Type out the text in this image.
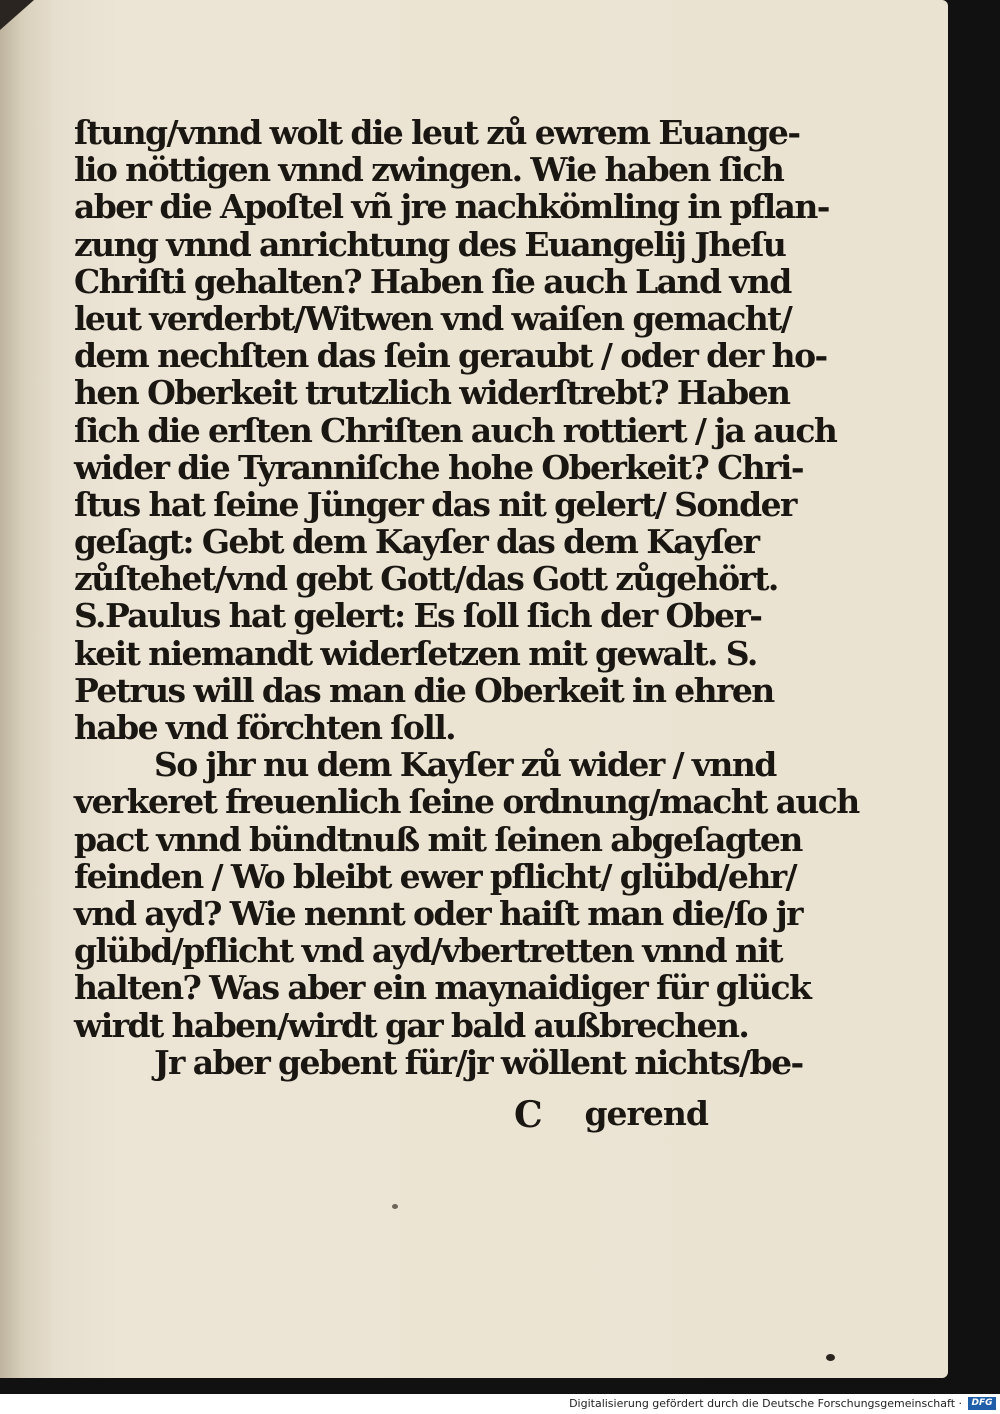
ſtung/vnnd wolt die leut zů ewrem Euange-
lio nöttigen vnnd zwingen. Wie haben ſich
aber die Apoſtel vñ jre nachkömling in pflan-
zung vnnd anrichtung des Euangelij Jheſu
Chriſti gehalten? Haben ſie auch Land vnd
leut verderbt/Witwen vnd waiſen gemacht/
dem nechſten das ſein geraubt / oder der ho-
hen Oberkeit trutzlich widerſtrebt? Haben
ſich die erſten Chriſten auch rottiert / ja auch
wider die Tyranniſche hohe Oberkeit? Chri-
ſtus hat ſeine Jünger das nit gelert/ Sonder
geſagt: Gebt dem Kayſer das dem Kayſer
zůſtehet/vnd gebt Gott/das Gott zůgehört.
S.Paulus hat gelert: Es ſoll ſich der Ober-
keit niemandt widerſetzen mit gewalt. S.
Petrus will das man die Oberkeit in ehren
habe vnd förchten ſoll.
So jhr nu dem Kayſer zů wider / vnnd
verkeret freuenlich ſeine ordnung/macht auch
pact vnnd bündtnuß mit ſeinen abgeſagten
feinden / Wo bleibt ewer pflicht/ glübd/ehr/
vnd ayd? Wie nennt oder haiſt man die/ſo jr
glübd/pflicht vnd ayd/vbertretten vnnd nit
halten? Was aber ein maynaidiger für glück
wirdt haben/wirdt gar bald außbrechen.
Jr aber gebent für/jr wöllent nichts/be-
C gerend
Digitalisierung gefördert durch die Deutsche Forschungsgemeinschaft ·	DFG
